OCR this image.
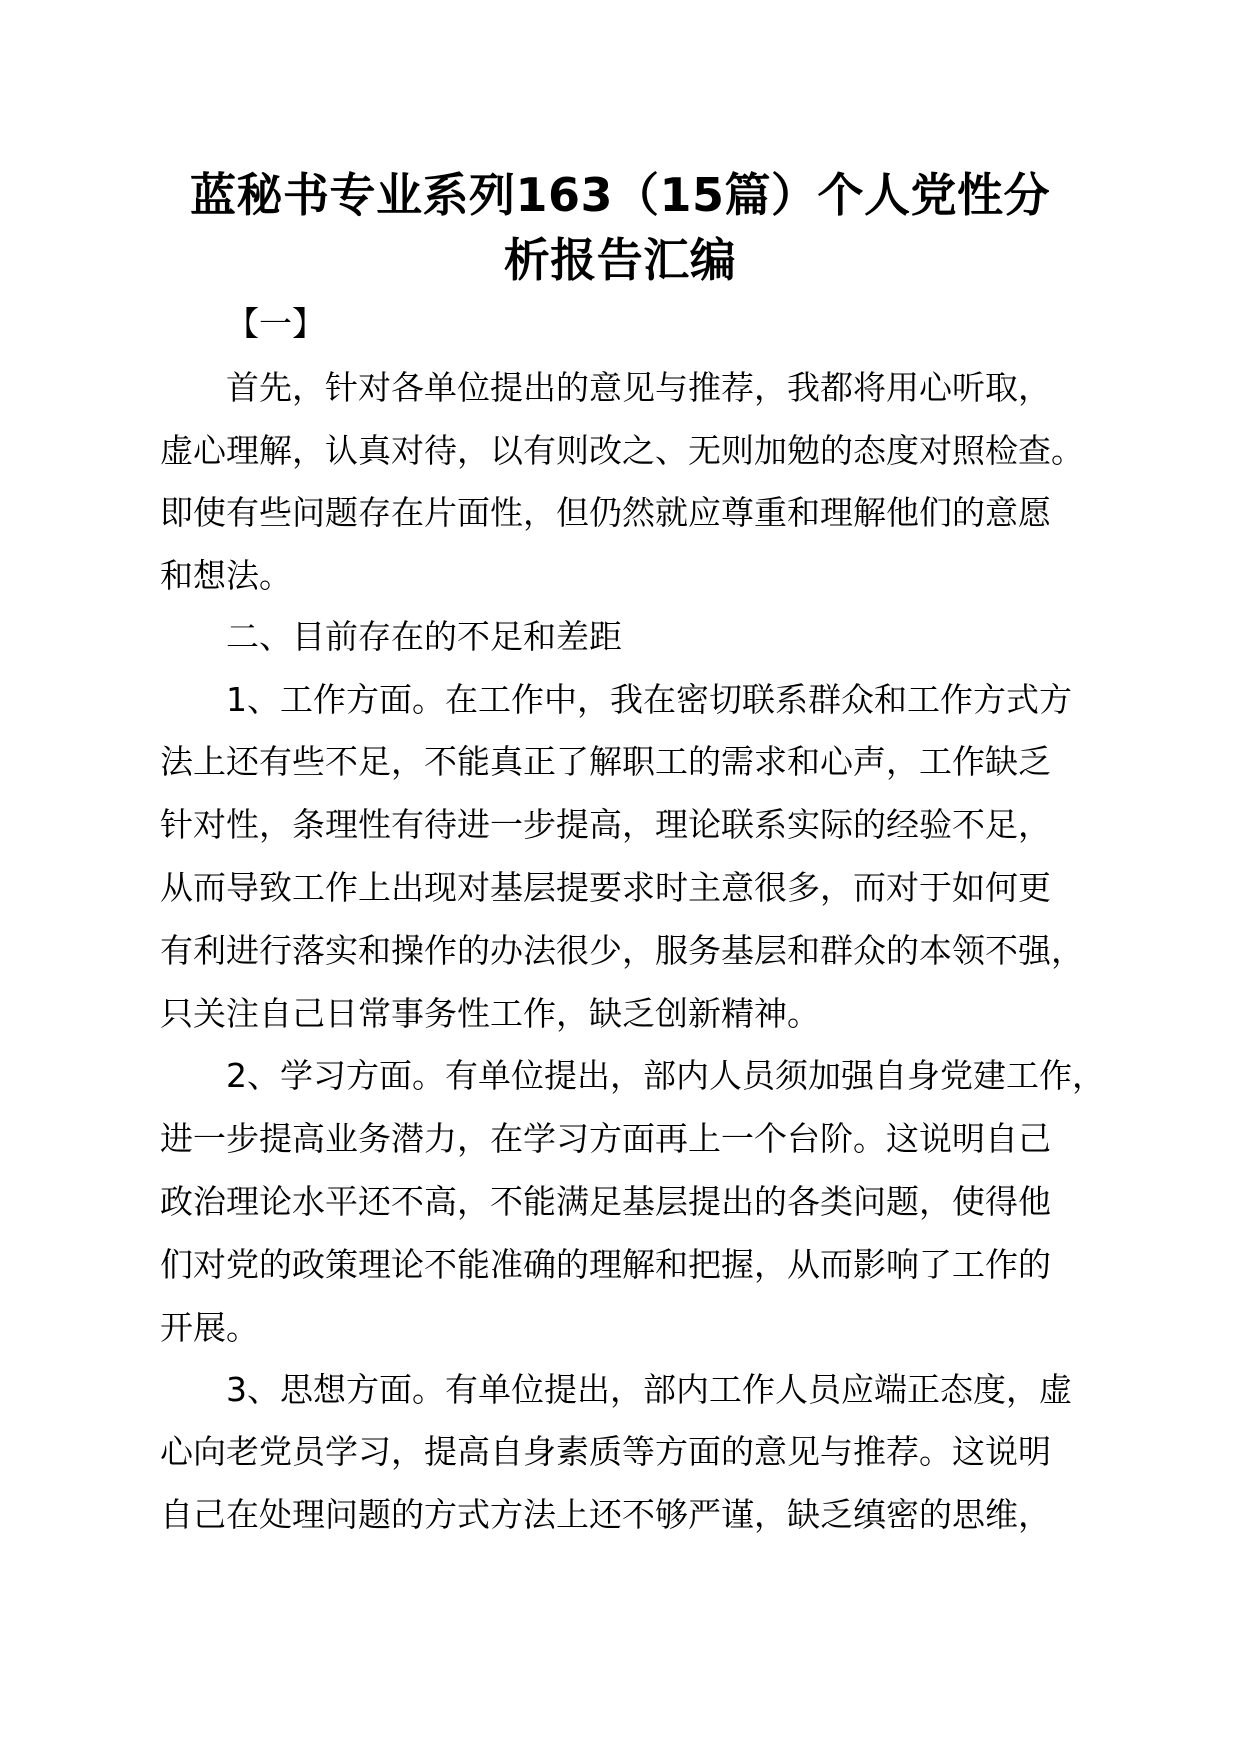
蓝秘书专业系列163（15篇）个人党性分
析报告汇编
【一】
首先，针对各单位提出的意见与推荐，我都将用心听取，
虚心理解，认真对待，以有则改之、无则加勉的态度对照检查。
即使有些问题存在片面性，但仍然就应尊重和理解他们的意愿
和想法。
二、目前存在的不足和差距
1、工作方面。在工作中，我在密切联系群众和工作方式方
法上还有些不足，不能真正了解职工的需求和心声，工作缺乏
针对性，条理性有待进一步提高，理论联系实际的经验不足，
从而导致工作上出现对基层提要求时主意很多，而对于如何更
有利进行落实和操作的办法很少，服务基层和群众的本领不强，
只关注自己日常事务性工作，缺乏创新精神。
2、学习方面。有单位提出，部内人员须加强自身党建工作，
进一步提高业务潜力，在学习方面再上一个台阶。这说明自己
政治理论水平还不高，不能满足基层提出的各类问题，使得他
们对党的政策理论不能准确的理解和把握，从而影响了工作的
开展。
3、思想方面。有单位提出，部内工作人员应端正态度，虚
心向老党员学习，提高自身素质等方面的意见与推荐。这说明
自己在处理问题的方式方法上还不够严谨，缺乏缜密的思维，
